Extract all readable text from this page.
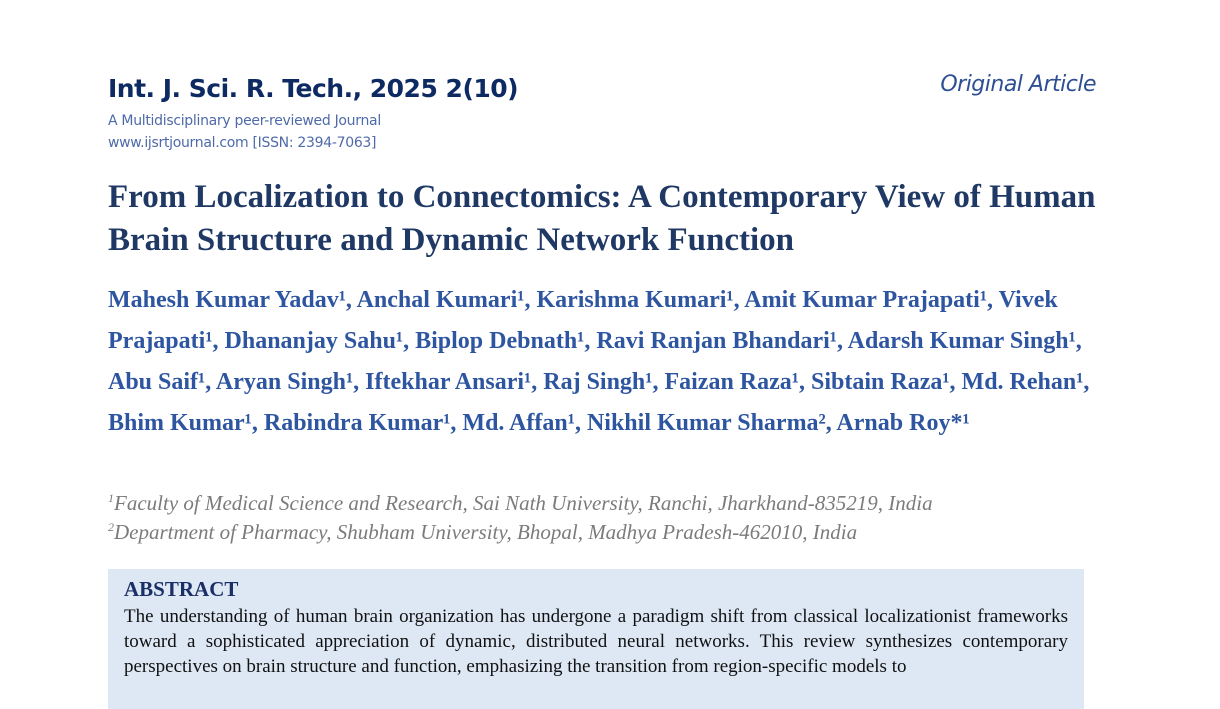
Int. J. Sci. R. Tech., 2025 2(10)
A Multidisciplinary peer-reviewed Journal
www.ijsrtjournal.com [ISSN: 2394-7063]
Original Article
From Localization to Connectomics: A Contemporary View of Human Brain Structure and Dynamic Network Function
Mahesh Kumar Yadav¹, Anchal Kumari¹, Karishma Kumari¹, Amit Kumar Prajapati¹, Vivek Prajapati¹, Dhananjay Sahu¹, Biplop Debnath¹, Ravi Ranjan Bhandari¹, Adarsh Kumar Singh¹, Abu Saif¹, Aryan Singh¹, Iftekhar Ansari¹, Raj Singh¹, Faizan Raza¹, Sibtain Raza¹, Md. Rehan¹, Bhim Kumar¹, Rabindra Kumar¹, Md. Affan¹, Nikhil Kumar Sharma², Arnab Roy*¹
$^1$Faculty of Medical Science and Research, Sai Nath University, Ranchi, Jharkhand-835219, India
$^2$Department of Pharmacy, Shubham University, Bhopal, Madhya Pradesh-462010, India
ABSTRACT
The understanding of human brain organization has undergone a paradigm shift from classical localizationist frameworks toward a sophisticated appreciation of dynamic, distributed neural networks. This review synthesizes contemporary perspectives on brain structure and function, emphasizing the transition from region-specific models to
